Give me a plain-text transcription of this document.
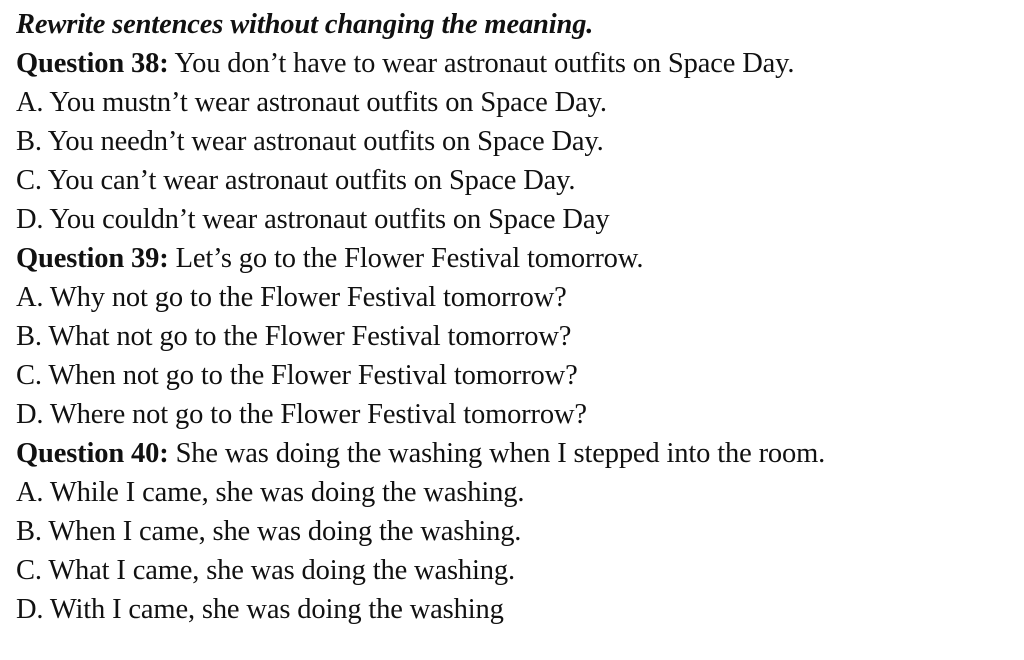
Rewrite sentences without changing the meaning.
Question 38: You don’t have to wear astronaut outfits on Space Day.
A. You mustn’t wear astronaut outfits on Space Day.
B. You needn’t wear astronaut outfits on Space Day.
C. You can’t wear astronaut outfits on Space Day.
D. You couldn’t wear astronaut outfits on Space Day
Question 39: Let’s go to the Flower Festival tomorrow.
A. Why not go to the Flower Festival tomorrow?
B. What not go to the Flower Festival tomorrow?
C. When not go to the Flower Festival tomorrow?
D. Where not go to the Flower Festival tomorrow?
Question 40: She was doing the washing when I stepped into the room.
A. While I came, she was doing the washing.
B. When I came, she was doing the washing.
C. What I came, she was doing the washing.
D. With I came, she was doing the washing
